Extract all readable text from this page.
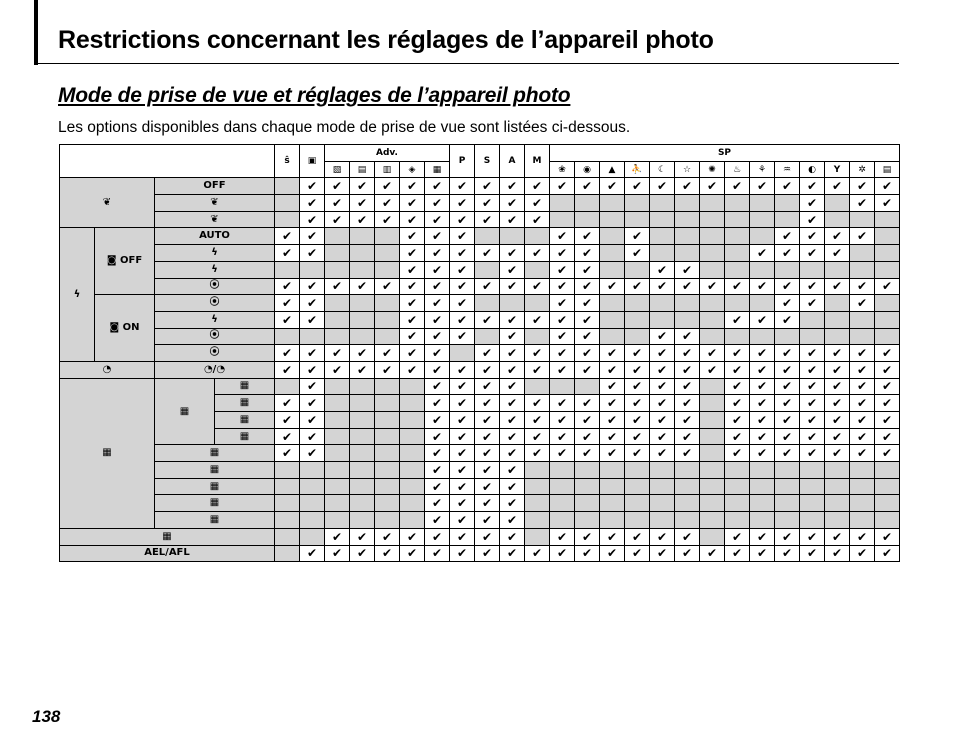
Restrictions concernant les réglages de l’appareil photo
Mode de prise de vue et réglages de l’appareil photo

Les options disponibles dans chaque mode de prise de vue sont listées ci-dessous.

				ŝ	▣	Adv.					P	S	A	M	SP													
						▧	▤	▥	◈	▦					❀	◉	▲	⛹	☾	☆	✺	♨	⚘	♒	◐	Y	✲	▤
❦		OFF			✔	✔	✔	✔	✔	✔	✔	✔	✔	✔	✔	✔	✔	✔	✔	✔	✔	✔	✔	✔	✔	✔	✔	✔
		❦			✔	✔	✔	✔	✔	✔	✔	✔	✔	✔											✔		✔	✔
		❦			✔	✔	✔	✔	✔	✔	✔	✔	✔	✔											✔			
ϟ	◙ OFF	AUTO		✔	✔				✔	✔	✔				✔	✔		✔						✔	✔	✔	✔	
		ϟ		✔	✔				✔	✔	✔	✔	✔	✔	✔	✔		✔					✔	✔	✔	✔		
		ϟ							✔	✔	✔		✔		✔	✔			✔	✔								
		⦿		✔	✔	✔	✔	✔	✔	✔	✔	✔	✔	✔	✔	✔	✔	✔	✔	✔	✔	✔	✔	✔	✔	✔	✔	✔
	◙ ON	⦿		✔	✔				✔	✔	✔				✔	✔								✔	✔		✔	
		ϟ		✔	✔				✔	✔	✔	✔	✔	✔	✔	✔						✔	✔	✔				
		⦿							✔	✔	✔		✔		✔	✔			✔	✔								
		⦿		✔	✔	✔	✔	✔	✔	✔		✔	✔	✔	✔	✔	✔	✔	✔	✔	✔	✔	✔	✔	✔	✔	✔	✔
◔		◔/◔		✔	✔	✔	✔	✔	✔	✔	✔	✔	✔	✔	✔	✔	✔	✔	✔	✔	✔	✔	✔	✔	✔	✔	✔	✔
▦		▦	▦		✔					✔	✔	✔	✔				✔	✔	✔	✔		✔	✔	✔	✔	✔	✔	✔
			▦	✔	✔					✔	✔	✔	✔	✔	✔	✔	✔	✔	✔	✔		✔	✔	✔	✔	✔	✔	✔
			▦	✔	✔					✔	✔	✔	✔	✔	✔	✔	✔	✔	✔	✔		✔	✔	✔	✔	✔	✔	✔
			▦	✔	✔					✔	✔	✔	✔	✔	✔	✔	✔	✔	✔	✔		✔	✔	✔	✔	✔	✔	✔
		▦		✔	✔					✔	✔	✔	✔	✔	✔	✔	✔	✔	✔	✔		✔	✔	✔	✔	✔	✔	✔
		▦								✔	✔	✔	✔															
		▦								✔	✔	✔	✔															
		▦								✔	✔	✔	✔															
		▦								✔	✔	✔	✔															
▦						✔	✔	✔	✔	✔	✔	✔	✔		✔	✔	✔	✔	✔	✔		✔	✔	✔	✔	✔	✔	✔
AEL/AFL					✔	✔	✔	✔	✔	✔	✔	✔	✔	✔	✔	✔	✔	✔	✔	✔	✔	✔	✔	✔	✔	✔	✔	✔
138
